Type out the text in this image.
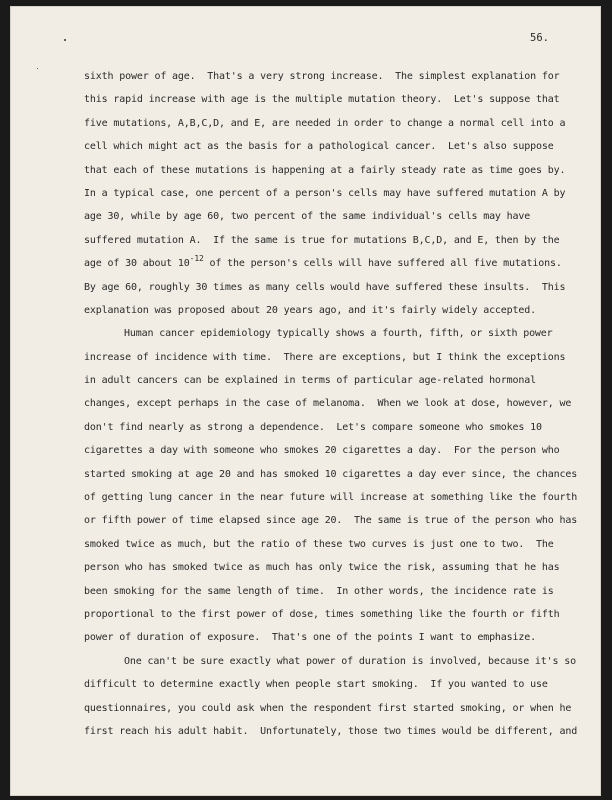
56.
sixth power of age.  That's a very strong increase.  The simplest explanation for
this rapid increase with age is the multiple mutation theory.  Let's suppose that
five mutations, A,B,C,D, and E, are needed in order to change a normal cell into a
cell which might act as the basis for a pathological cancer.  Let's also suppose
that each of these mutations is happening at a fairly steady rate as time goes by.
In a typical case, one percent of a person's cells may have suffered mutation A by
age 30, while by age 60, two percent of the same individual's cells may have
suffered mutation A.  If the same is true for mutations B,C,D, and E, then by the
age of 30 about $10^{-12}$ of the person's cells will have suffered all five mutations.
By age 60, roughly 30 times as many cells would have suffered these insults.  This
explanation was proposed about 20 years ago, and it's fairly widely accepted.
Human cancer epidemiology typically shows a fourth, fifth, or sixth power
increase of incidence with time.  There are exceptions, but I think the exceptions
in adult cancers can be explained in terms of particular age-related hormonal
changes, except perhaps in the case of melanoma.  When we look at dose, however, we
don't find nearly as strong a dependence.  Let's compare someone who smokes 10
cigarettes a day with someone who smokes 20 cigarettes a day.  For the person who
started smoking at age 20 and has smoked 10 cigarettes a day ever since, the chances
of getting lung cancer in the near future will increase at something like the fourth
or fifth power of time elapsed since age 20.  The same is true of the person who has
smoked twice as much, but the ratio of these two curves is just one to two.  The
person who has smoked twice as much has only twice the risk, assuming that he has
been smoking for the same length of time.  In other words, the incidence rate is
proportional to the first power of dose, times something like the fourth or fifth
power of duration of exposure.  That's one of the points I want to emphasize.
One can't be sure exactly what power of duration is involved, because it's so
difficult to determine exactly when people start smoking.  If you wanted to use
questionnaires, you could ask when the respondent first started smoking, or when he
first reach his adult habit.  Unfortunately, those two times would be different, and
